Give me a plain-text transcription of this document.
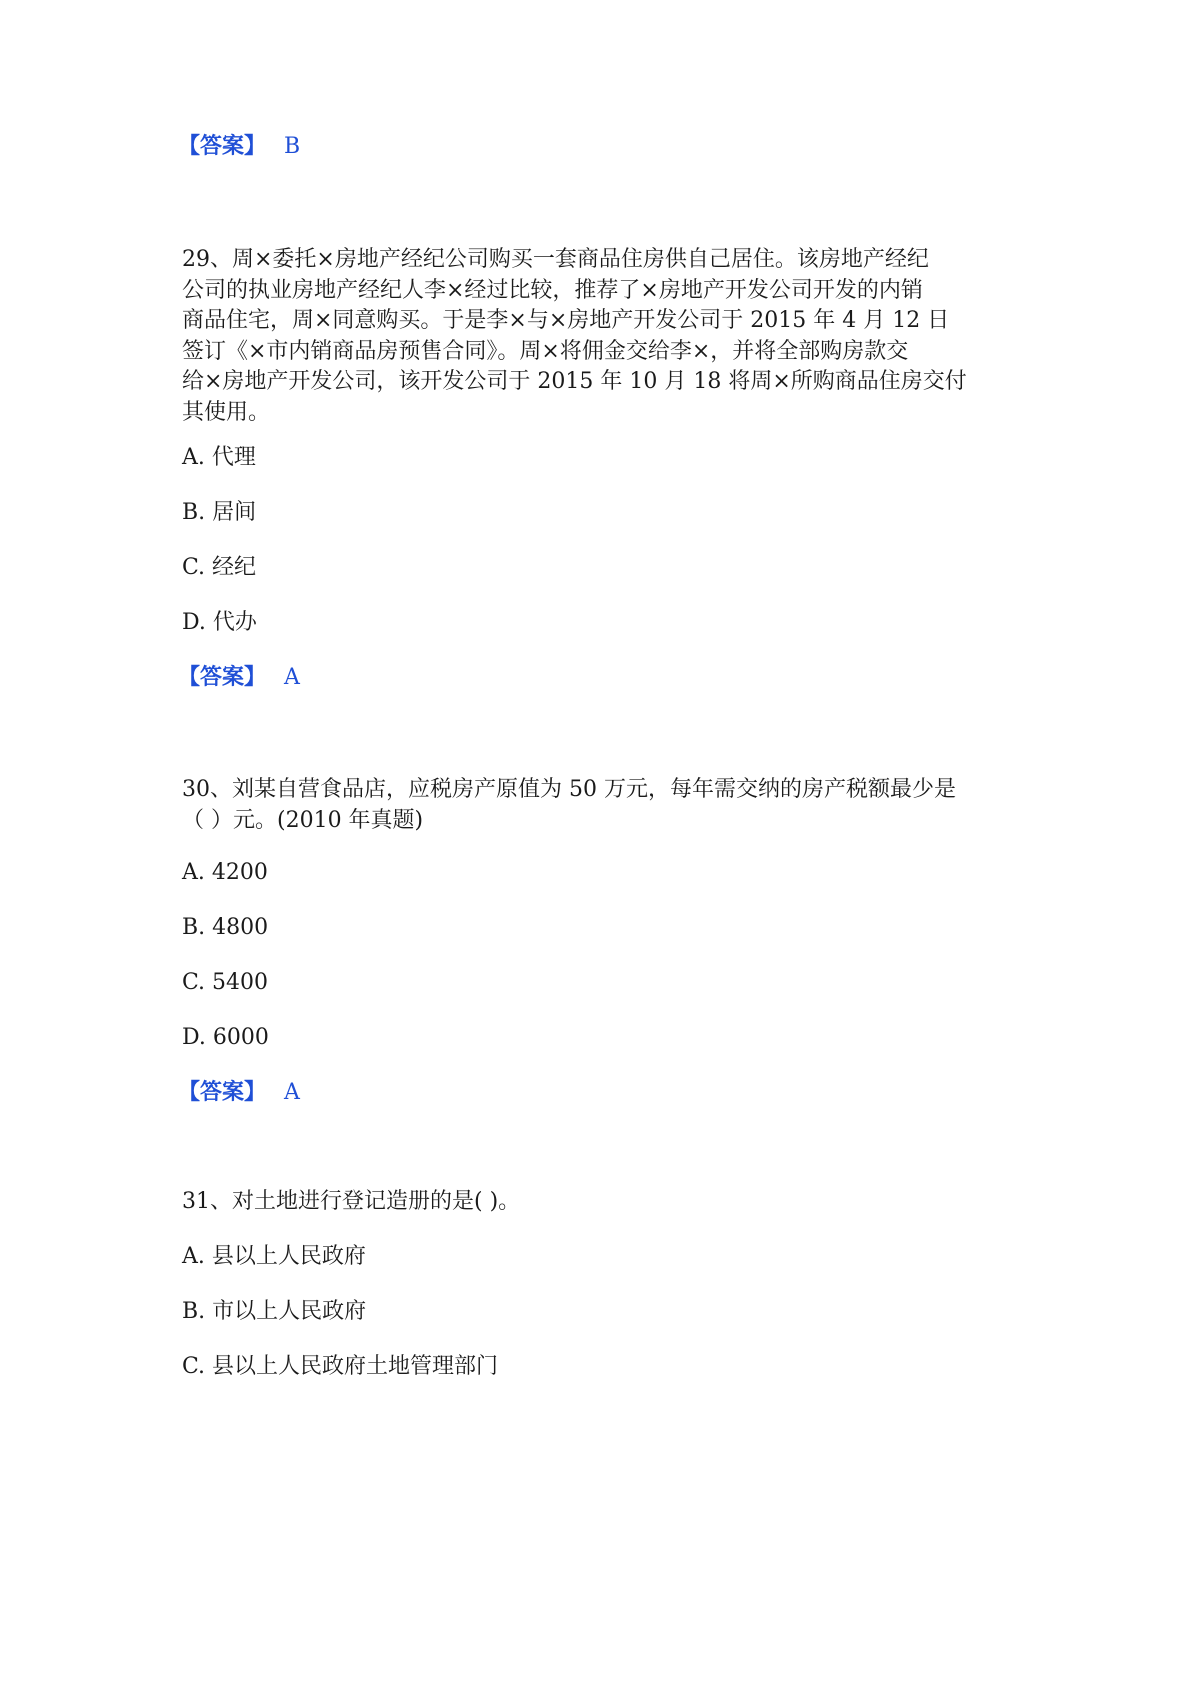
【答案】 B
29、周×委托×房地产经纪公司购买一套商品住房供自己居住。该房地产经纪
公司的执业房地产经纪人李×经过比较，推荐了×房地产开发公司开发的内销
商品住宅，周×同意购买。于是李×与×房地产开发公司于 2015 年 4 月 12 日
签订《×市内销商品房预售合同》。周×将佣金交给李×，并将全部购房款交
给×房地产开发公司，该开发公司于 2015 年 10 月 18 将周×所购商品住房交付
其使用。
A. 代理
B. 居间
C. 经纪
D. 代办
【答案】 A
30、刘某自营食品店，应税房产原值为 50 万元，每年需交纳的房产税额最少是
（ ）元。(2010 年真题)
A. 4200
B. 4800
C. 5400
D. 6000
【答案】 A
31、对土地进行登记造册的是( )。
A. 县以上人民政府
B. 市以上人民政府
C. 县以上人民政府土地管理部门
